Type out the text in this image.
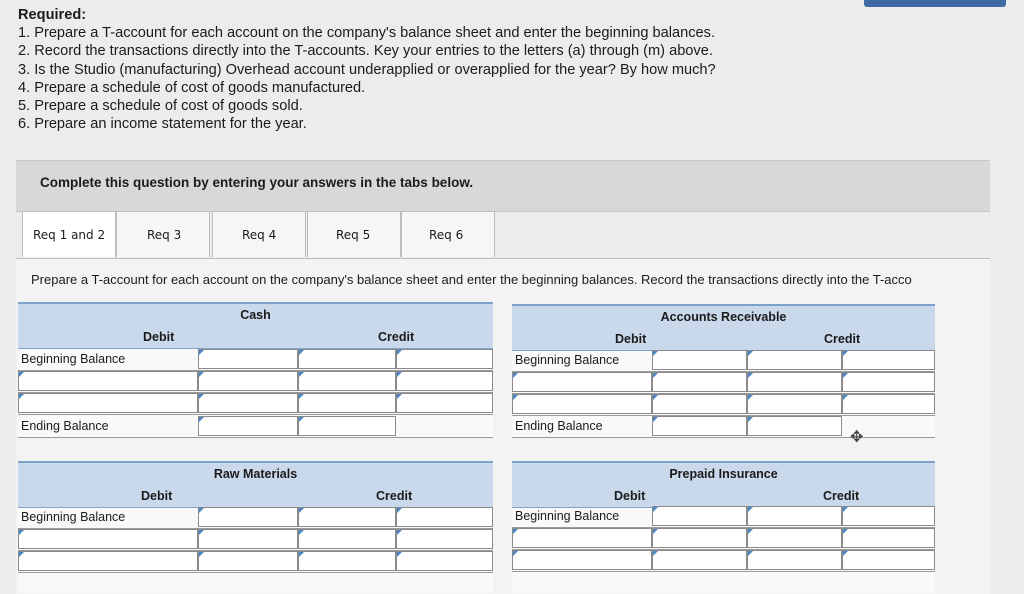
Required:
1. Prepare a T-account for each account on the company's balance sheet and enter the beginning balances.
2. Record the transactions directly into the T-accounts. Key your entries to the letters (a) through (m) above.
3. Is the Studio (manufacturing) Overhead account underapplied or overapplied for the year? By how much?
4. Prepare a schedule of cost of goods manufactured.
5. Prepare a schedule of cost of goods sold.
6. Prepare an income statement for the year.
Complete this question by entering your answers in the tabs below.
Req 1 and 2	Req 3	Req 4	Req 5	Req 6
Prepare a T-account for each account on the company's balance sheet and enter the beginning balances. Record the transactions directly into the T-acco
Cash
Debit	Credit
Beginning Balance
Ending Balance
Accounts Receivable
Debit	Credit
Beginning Balance
Ending Balance
✥
Raw Materials
Debit	Credit
Beginning Balance
Prepaid Insurance
Debit	Credit
Beginning Balance
